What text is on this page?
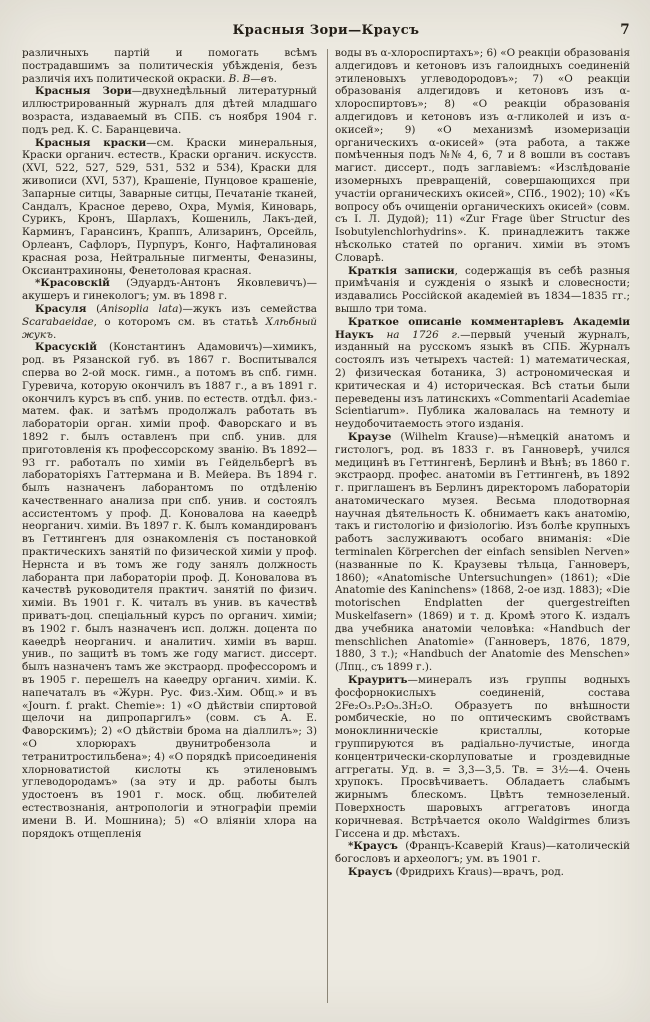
Красныя Зори—Краусъ	7

различныхъ партій и помогать всѣмъ пострадавшимъ за политическія убѣжденія, безъ различія ихъ политической окраски. В. В—въ.

Красныя Зори—двухнедѣльный литературный иллюстрированный журналъ для дѣтей младшаго возраста, издаваемый въ СПБ. съ ноября 1904 г. подъ ред. К. С. Баранцевича.

Красныя краски—см. Краски минеральныя, Краски органич. естеств., Краски органич. искусств. (XVI, 522, 527, 529, 531, 532 и 534), Краски для живописи (XVI, 537), Крашеніе, Пунцовое крашеніе, Запарные ситцы, Заварные ситцы, Печатаніе тканей, Сандалъ, Красное дерево, Охра, Мумія, Киноварь, Сурикъ, Кронъ, Шарлахъ, Кошениль, Лакъ-дей, Карминъ, Гарансинъ, Краппъ, Ализаринъ, Орсейль, Орлеанъ, Сафлоръ, Пурпуръ, Конго, Нафталиновая красная роза, Нейтральные пигменты, Феназины, Оксиантрахиноны, Фенетоловая красная.

*Красовскій (Эдуардъ-Антонъ Яковлевичъ)—акушеръ и гинекологъ; ум. въ 1898 г.

Красуля (Anisoplia lata)—жукъ изъ семейства Scarabaeidae, о которомъ см. въ статьѣ Хлѣбный жукъ.

Красускій (Константинъ Адамовичъ)—химикъ, род. въ Рязанской губ. въ 1867 г. Воспитывался сперва во 2-ой моск. гимн., а потомъ въ спб. гимн. Гуревича, которую окончилъ въ 1887 г., а въ 1891 г. окончилъ курсъ въ спб. унив. по естеств. отдѣл. физ.-матем. фак. и затѣмъ продолжалъ работать въ лабораторіи орган. химіи проф. Фаворскаго и въ 1892 г. былъ оставленъ при спб. унив. для приготовленія къ профессорскому званію. Въ 1892—93 гг. работалъ по химіи въ Гейдельбергѣ въ лабораторіяхъ Гаттермана и В. Мейера. Въ 1894 г. былъ назначенъ лаборантомъ по отдѣленію качественнаго анализа при спб. унив. и состоялъ ассистентомъ у проф. Д. Коновалова на каѳедрѣ неорганич. химіи. Въ 1897 г. К. былъ командированъ въ Геттингенъ для ознакомленія съ постановкой практическихъ занятій по физической химіи у проф. Нернста и въ томъ же году занялъ должность лаборанта при лабораторіи проф. Д. Коновалова въ качествѣ руководителя практич. занятій по физич. химіи. Въ 1901 г. К. читалъ въ унив. въ качествѣ приватъ-доц. спеціальный курсъ по органич. химіи; въ 1902 г. былъ назначенъ исп. должн. доцента по каѳедрѣ неорганич. и аналитич. химіи въ варш. унив., по защитѣ въ томъ же году магист. диссерт. былъ назначенъ тамъ же экстраорд. профессоромъ и въ 1905 г. перешелъ на каѳедру органич. химіи. К. напечаталъ въ «Журн. Рус. Физ.-Хим. Общ.» и въ «Journ. f. prakt. Chemie»: 1) «О дѣйствіи спиртовой щелочи на дипропаргилъ» (совм. съ А. Е. Фаворскимъ); 2) «О дѣйствіи брома на діаллилъ»; 3) «О хлорюрахъ двунитробензола и тетранитростильбена»; 4) «О порядкѣ присоединенія хлорноватистой кислоты къ этиленовымъ углеводородамъ» (за эту и др. работы былъ удостоенъ въ 1901 г. моск. общ. любителей естествознанія, антропологіи и этнографіи преміи имени В. И. Мошнина); 5) «О вліяніи хлора на порядокъ отщепленія

воды въ α-хлороспиртахъ»; 6) «О реакціи образованія алдегидовъ и кетоновъ изъ галоидныхъ соединеній этиленовыхъ углеводородовъ»; 7) «О реакціи образованія алдегидовъ и кетоновъ изъ α-хлороспиртовъ»; 8) «О реакціи образованія алдегидовъ и кетоновъ изъ α-гликолей и изъ α-окисей»; 9) «О механизмѣ изомеризаціи органическихъ α-окисей» (эта работа, а также помѣченныя подъ №№ 4, 6, 7 и 8 вошли въ составъ магист. диссерт., подъ заглавіемъ: «Изслѣдованіе изомерныхъ превращеній, совершающихся при участіи органическихъ окисей», СПб., 1902); 10) «Къ вопросу объ очищеніи органическихъ окисей» (совм. съ І. Л. Дудой); 11) «Zur Frage über Structur des Isobutylenchlorhydrins». К. принадлежитъ также нѣсколько статей по органич. химіи въ этомъ Словарѣ.

Краткія записки, содержащія въ себѣ разныя примѣчанія и сужденія о языкѣ и словесности; издавались Россійской академіей въ 1834—1835 гг.; вышло три тома.

Краткое описаніе комментаріевъ Академіи Наукъ на 1726 г.—первый ученый журналъ, изданный на русскомъ языкѣ въ СПБ. Журналъ состоялъ изъ четырехъ частей: 1) математическая, 2) физическая ботаника, 3) астрономическая и критическая и 4) историческая. Всѣ статьи были переведены изъ латинскихъ «Commentarii Academiae Scientiarum». Публика жаловалась на темноту и неудобочитаемость этого изданія.

Краузе (Wilhelm Krause)—нѣмецкій анатомъ и гистологъ, род. въ 1833 г. въ Ганноверѣ, учился медицинѣ въ Геттингенѣ, Берлинѣ и Вѣнѣ; въ 1860 г. экстраорд. профес. анатоміи въ Геттингенѣ, въ 1892 г. приглашенъ въ Берлинъ директоромъ лабораторіи анатомическаго музея. Весьма плодотворная научная дѣятельность К. обнимаетъ какъ анатомію, такъ и гистологію и физіологію. Изъ болѣе крупныхъ работъ заслуживаютъ особаго вниманія: «Die terminalen Körperchen der einfach sensiblen Nerven» (названные по К. Краузевы тѣльца, Ганноверъ, 1860); «Anatomische Untersuchungen» (1861); «Die Anatomie des Kaninchens» (1868, 2-ое изд. 1883); «Die motorischen Endplatten der quergestreiften Muskelfasern» (1869) и т. д. Кромѣ этого К. издалъ два учебника анатоміи человѣка: «Handbuch der menschlichen Anatomie» (Ганноверъ, 1876, 1879, 1880, 3 т.); «Handbuch der Anatomie des Menschen» (Лпц., съ 1899 г.).

Крауритъ—минералъ изъ группы водныхъ фосфорнокислыхъ соединеній, состава 2Fe₂O₃.P₂O₅.3H₂O. Образуетъ по внѣшности ромбическіе, но по оптическимъ свойствамъ моноклинническіе кристаллы, которые группируются въ радіально-лучистые, иногда концентрически-скорлуповатые и гроздевидные аггрегаты. Уд. в. = 3,3—3,5. Тв. = 3½—4. Очень хрупокъ. Просвѣчиваетъ. Обладаетъ слабымъ жирнымъ блескомъ. Цвѣтъ темнозеленый. Поверхность шаровыхъ аггрегатовъ иногда коричневая. Встрѣчается около Waldgirmes близъ Гиссена и др. мѣстахъ.

*Краусъ (Францъ-Ксаверій Kraus)—католическій богословъ и археологъ; ум. въ 1901 г.

Краусъ (Фридрихъ Kraus)—врачъ, род.
